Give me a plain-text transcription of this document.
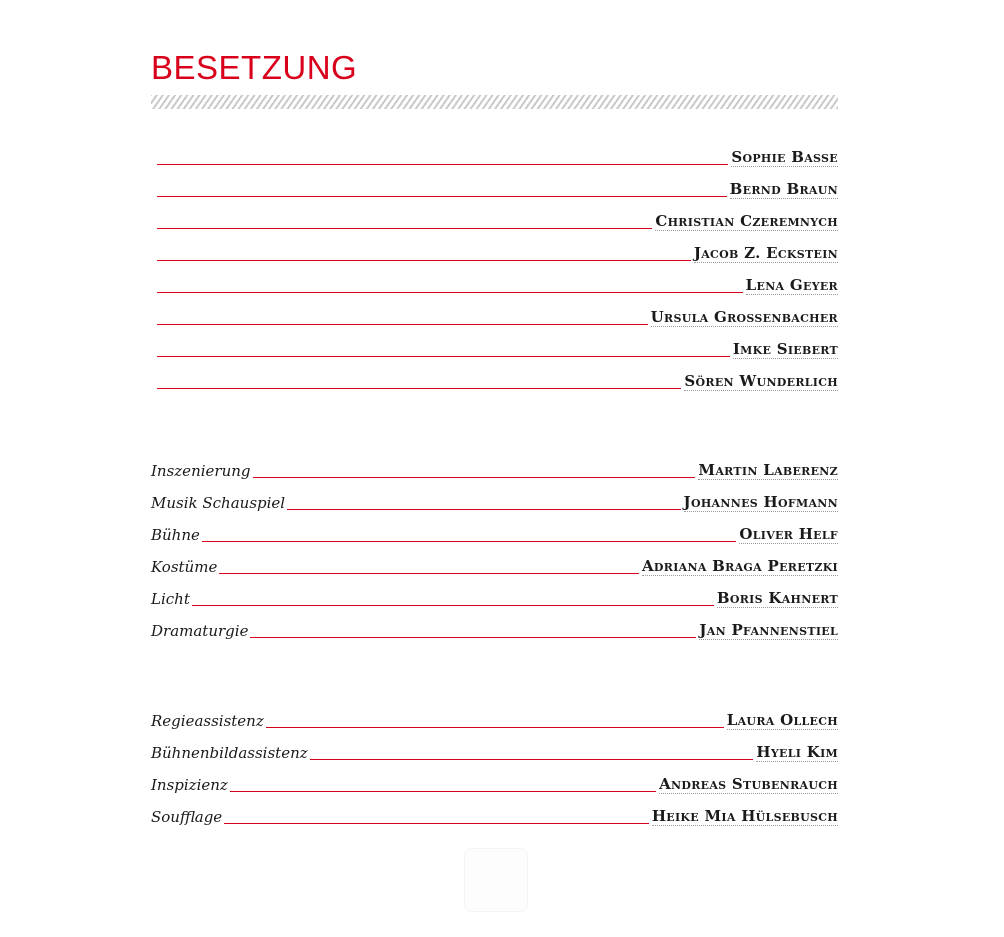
BESETZUNG
Sophie Basse
Bernd Braun
Christian Czeremnych
Jacob Z. Eckstein
Lena Geyer
Ursula Grossenbacher
Imke Siebert
Sören Wunderlich
Inszenierung	Martin Laberenz
Musik Schauspiel	Johannes Hofmann
Bühne	Oliver Helf
Kostüme	Adriana Braga Peretzki
Licht	Boris Kahnert
Dramaturgie	Jan Pfannenstiel
Regieassistenz	Laura Ollech
Bühnenbildassistenz	Hyeli Kim
Inspizienz	Andreas Stubenrauch
Soufflage	Heike Mia Hülsebusch
